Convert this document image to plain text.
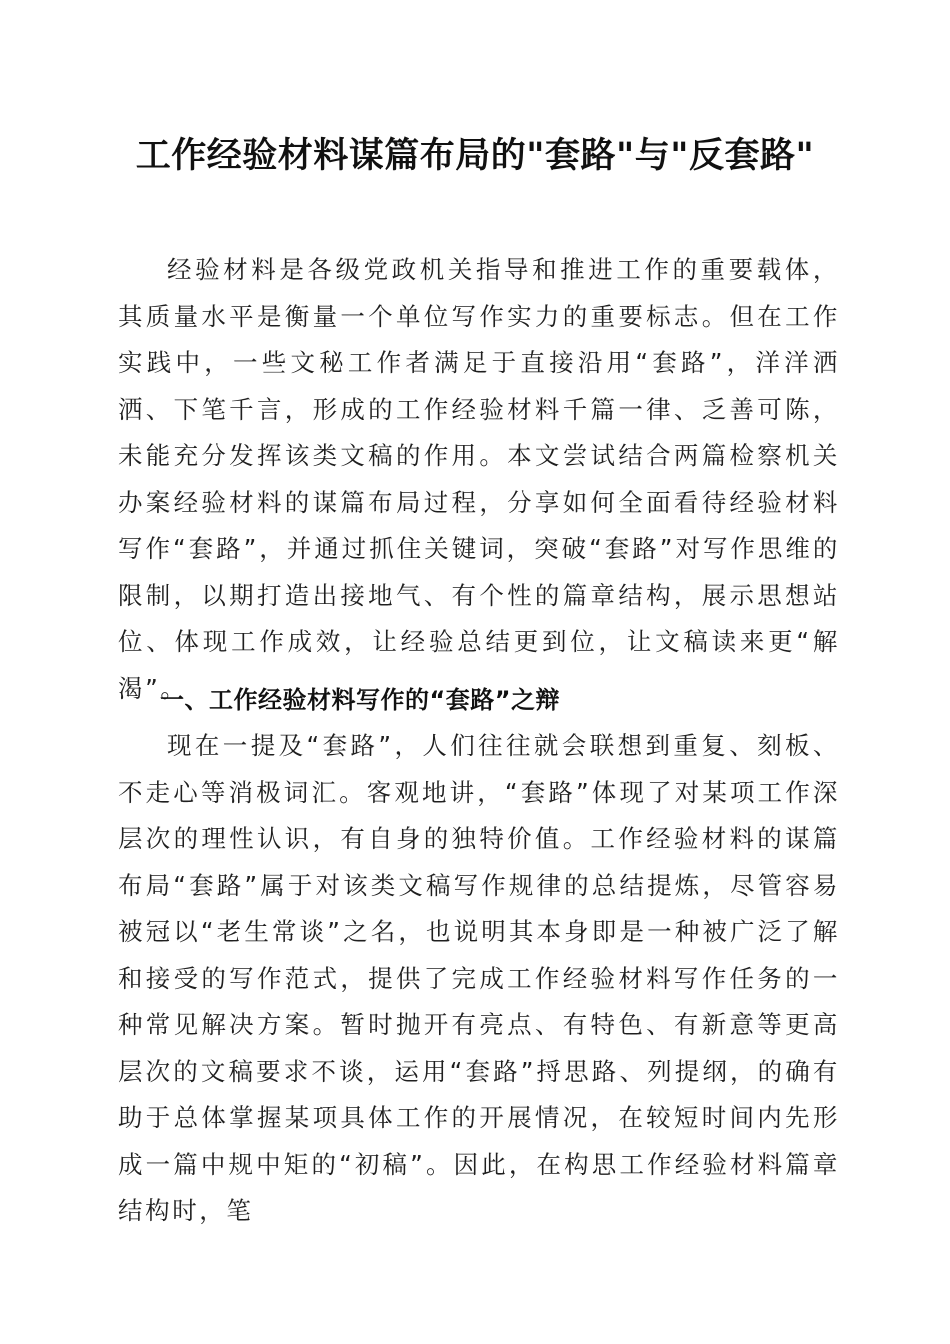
工作经验材料谋篇布局的"套路"与"反套路"

经验材料是各级党政机关指导和推进工作的重要载体，其质量水平是衡量一个单位写作实力的重要标志。但在工作实践中，一些文秘工作者满足于直接沿用“套路”，洋洋洒洒、下笔千言，形成的工作经验材料千篇一律、乏善可陈，未能充分发挥该类文稿的作用。本文尝试结合两篇检察机关办案经验材料的谋篇布局过程，分享如何全面看待经验材料写作“套路”，并通过抓住关键词，突破“套路”对写作思维的限制，以期打造出接地气、有个性的篇章结构，展示思想站位、体现工作成效，让经验总结更到位，让文稿读来更“解渴”。

一、工作经验材料写作的“套路”之辩

现在一提及“套路”，人们往往就会联想到重复、刻板、不走心等消极词汇。客观地讲，“套路”体现了对某项工作深层次的理性认识，有自身的独特价值。工作经验材料的谋篇布局“套路”属于对该类文稿写作规律的总结提炼，尽管容易被冠以“老生常谈”之名，也说明其本身即是一种被广泛了解和接受的写作范式，提供了完成工作经验材料写作任务的一种常见解决方案。暂时抛开有亮点、有特色、有新意等更高层次的文稿要求不谈，运用“套路”捋思路、列提纲，的确有助于总体掌握某项具体工作的开展情况，在较短时间内先形成一篇中规中矩的“初稿”。因此，在构思工作经验材料篇章结构时，笔
